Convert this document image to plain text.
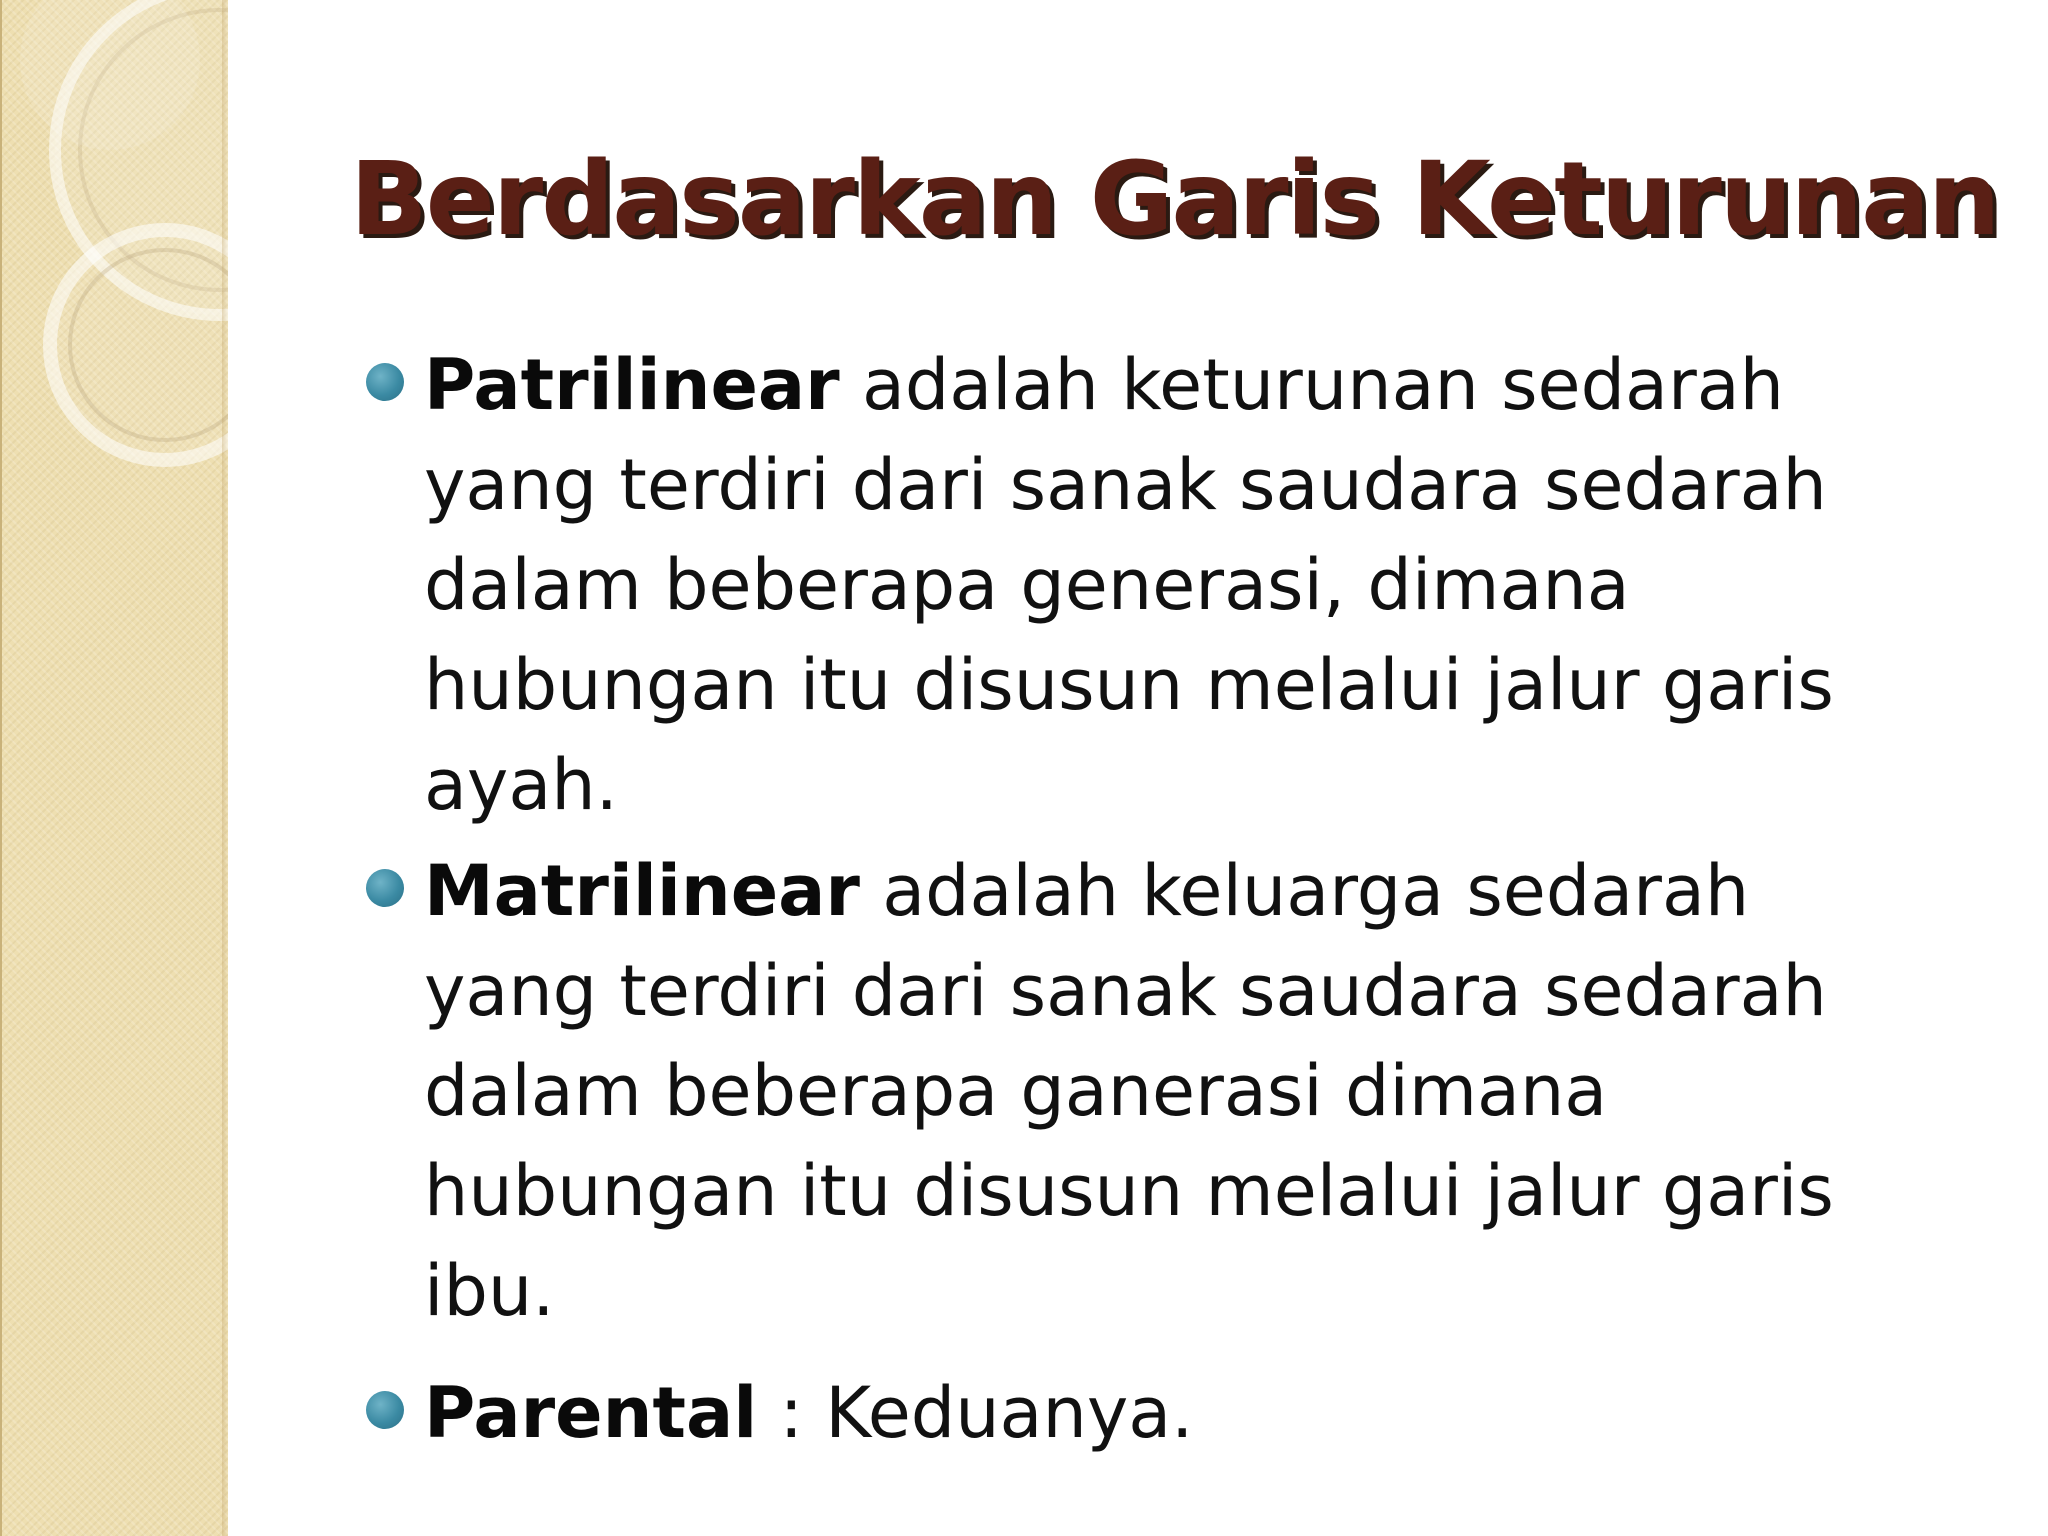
Berdasarkan Garis Keturunan
Patrilinear adalah keturunan sedarah yang terdiri dari sanak saudara sedarah dalam beberapa generasi, dimana hubungan itu disusun melalui jalur garis ayah.
Matrilinear adalah keluarga sedarah yang terdiri dari sanak saudara sedarah dalam beberapa ganerasi dimana hubungan itu disusun melalui jalur garis ibu.
Parental : Keduanya.
